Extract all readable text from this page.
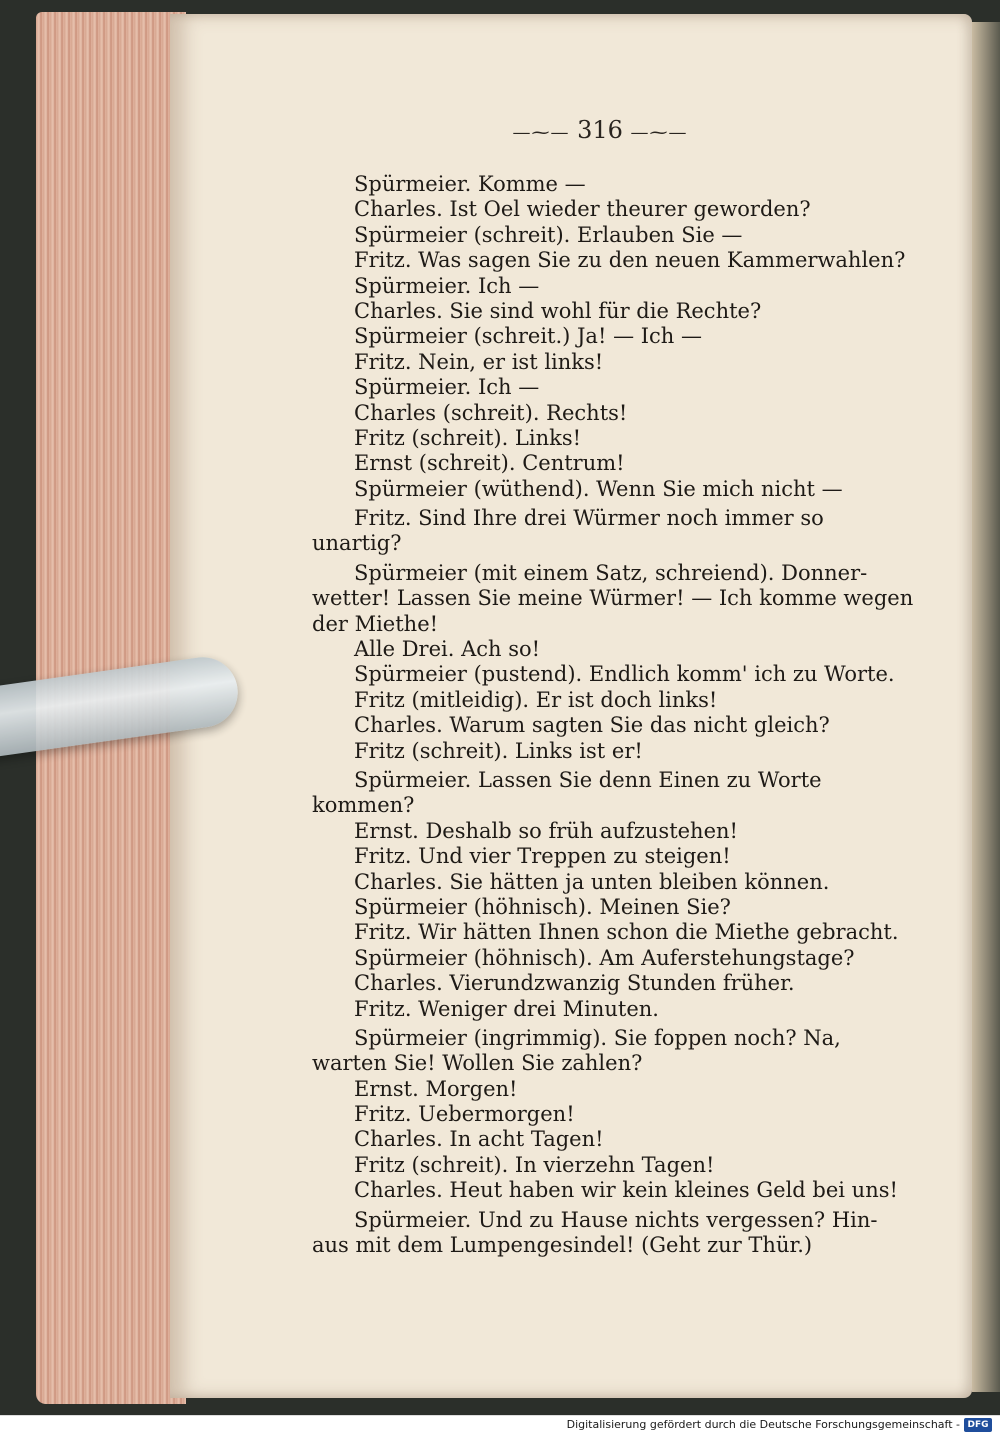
—⁓— 316 —⁓—
Spürmeier. Komme —
Charles. Ist Oel wieder theurer geworden?
Spürmeier (schreit). Erlauben Sie —
Fritz. Was sagen Sie zu den neuen Kammerwahlen?
Spürmeier. Ich —
Charles. Sie sind wohl für die Rechte?
Spürmeier (schreit.) Ja! — Ich —
Fritz. Nein, er ist links!
Spürmeier. Ich —
Charles (schreit). Rechts!
Fritz (schreit). Links!
Ernst (schreit). Centrum!
Spürmeier (wüthend). Wenn Sie mich nicht —
Fritz. Sind Ihre drei Würmer noch immer so
unartig?
Spürmeier (mit einem Satz, schreiend). Donner-
wetter! Lassen Sie meine Würmer! — Ich komme wegen
der Miethe!
Alle Drei. Ach so!
Spürmeier (pustend). Endlich komm' ich zu Worte.
Fritz (mitleidig). Er ist doch links!
Charles. Warum sagten Sie das nicht gleich?
Fritz (schreit). Links ist er!
Spürmeier. Lassen Sie denn Einen zu Worte
kommen?
Ernst. Deshalb so früh aufzustehen!
Fritz. Und vier Treppen zu steigen!
Charles. Sie hätten ja unten bleiben können.
Spürmeier (höhnisch). Meinen Sie?
Fritz. Wir hätten Ihnen schon die Miethe gebracht.
Spürmeier (höhnisch). Am Auferstehungstage?
Charles. Vierundzwanzig Stunden früher.
Fritz. Weniger drei Minuten.
Spürmeier (ingrimmig). Sie foppen noch? Na,
warten Sie! Wollen Sie zahlen?
Ernst. Morgen!
Fritz. Uebermorgen!
Charles. In acht Tagen!
Fritz (schreit). In vierzehn Tagen!
Charles. Heut haben wir kein kleines Geld bei uns!
Spürmeier. Und zu Hause nichts vergessen? Hin-
aus mit dem Lumpengesindel! (Geht zur Thür.)
Digitalisierung gefördert durch die Deutsche Forschungsgemeinschaft - DFG
